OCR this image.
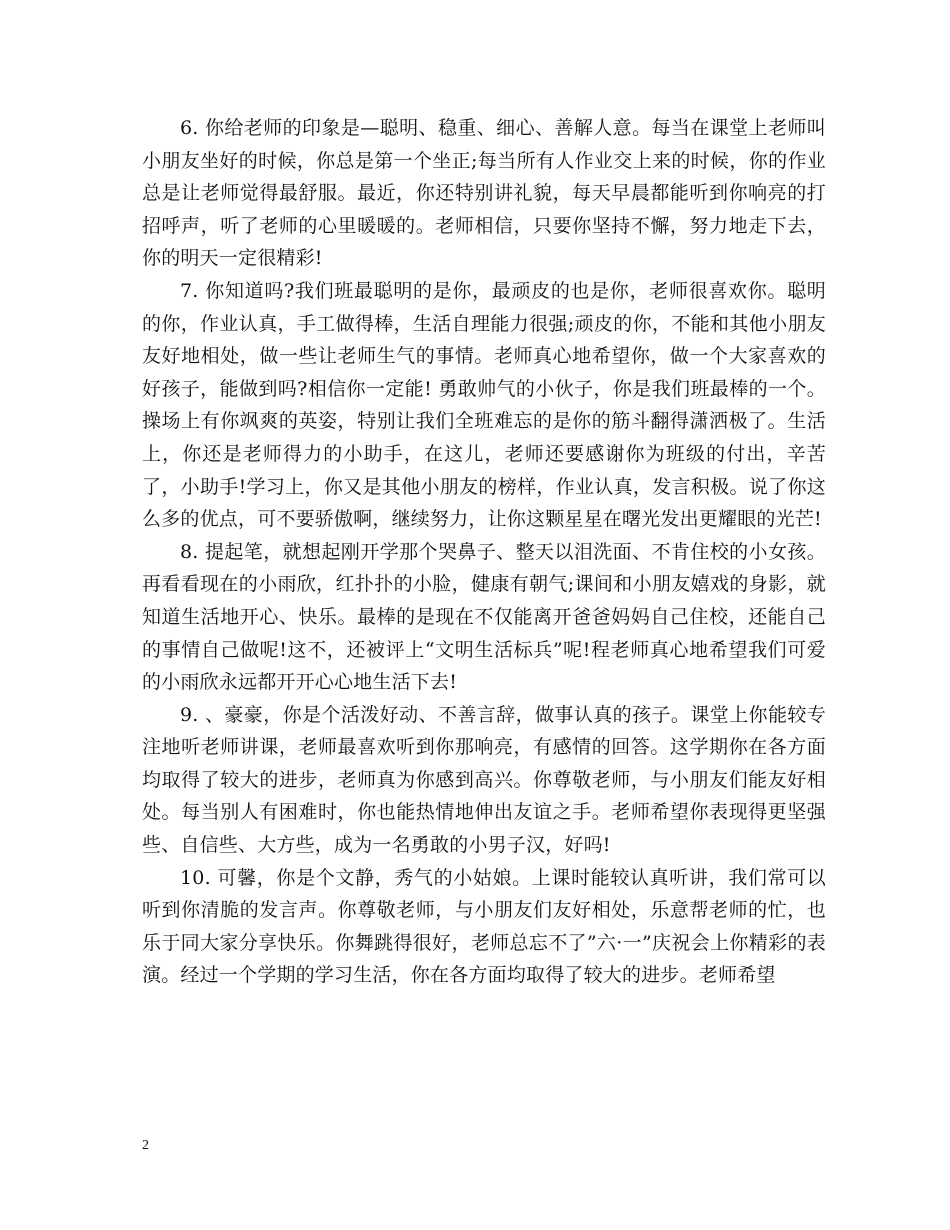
6. 你给老师的印象是—聪明、稳重、细心、善解人意。每当在课堂上老师叫小朋友坐好的时候，你总是第一个坐正;每当所有人作业交上来的时候，你的作业总是让老师觉得最舒服。最近，你还特别讲礼貌，每天早晨都能听到你响亮的打招呼声，听了老师的心里暖暖的。老师相信，只要你坚持不懈，努力地走下去，你的明天一定很精彩!

7. 你知道吗?我们班最聪明的是你，最顽皮的也是你，老师很喜欢你。聪明的你，作业认真，手工做得棒，生活自理能力很强;顽皮的你，不能和其他小朋友友好地相处，做一些让老师生气的事情。老师真心地希望你，做一个大家喜欢的好孩子，能做到吗?相信你一定能! 勇敢帅气的小伙子，你是我们班最棒的一个。操场上有你飒爽的英姿，特别让我们全班难忘的是你的筋斗翻得潇洒极了。生活上，你还是老师得力的小助手，在这儿，老师还要感谢你为班级的付出，辛苦了，小助手!学习上，你又是其他小朋友的榜样，作业认真，发言积极。说了你这么多的优点，可不要骄傲啊，继续努力，让你这颗星星在曙光发出更耀眼的光芒!

8. 提起笔，就想起刚开学那个哭鼻子、整天以泪洗面、不肯住校的小女孩。再看看现在的小雨欣，红扑扑的小脸，健康有朝气;课间和小朋友嬉戏的身影，就知道生活地开心、快乐。最棒的是现在不仅能离开爸爸妈妈自己住校，还能自己的事情自己做呢!这不，还被评上“文明生活标兵”呢!程老师真心地希望我们可爱的小雨欣永远都开开心心地生活下去!

9. 、豪豪，你是个活泼好动、不善言辞，做事认真的孩子。课堂上你能较专注地听老师讲课，老师最喜欢听到你那响亮，有感情的回答。这学期你在各方面均取得了较大的进步，老师真为你感到高兴。你尊敬老师，与小朋友们能友好相处。每当别人有困难时，你也能热情地伸出友谊之手。老师希望你表现得更坚强些、自信些、大方些，成为一名勇敢的小男子汉，好吗!

10. 可馨，你是个文静，秀气的小姑娘。上课时能较认真听讲，我们常可以听到你清脆的发言声。你尊敬老师，与小朋友们友好相处，乐意帮老师的忙，也乐于同大家分享快乐。你舞跳得很好，老师总忘不了”六·一”庆祝会上你精彩的表演。经过一个学期的学习生活，你在各方面均取得了较大的进步。老师希望

2
